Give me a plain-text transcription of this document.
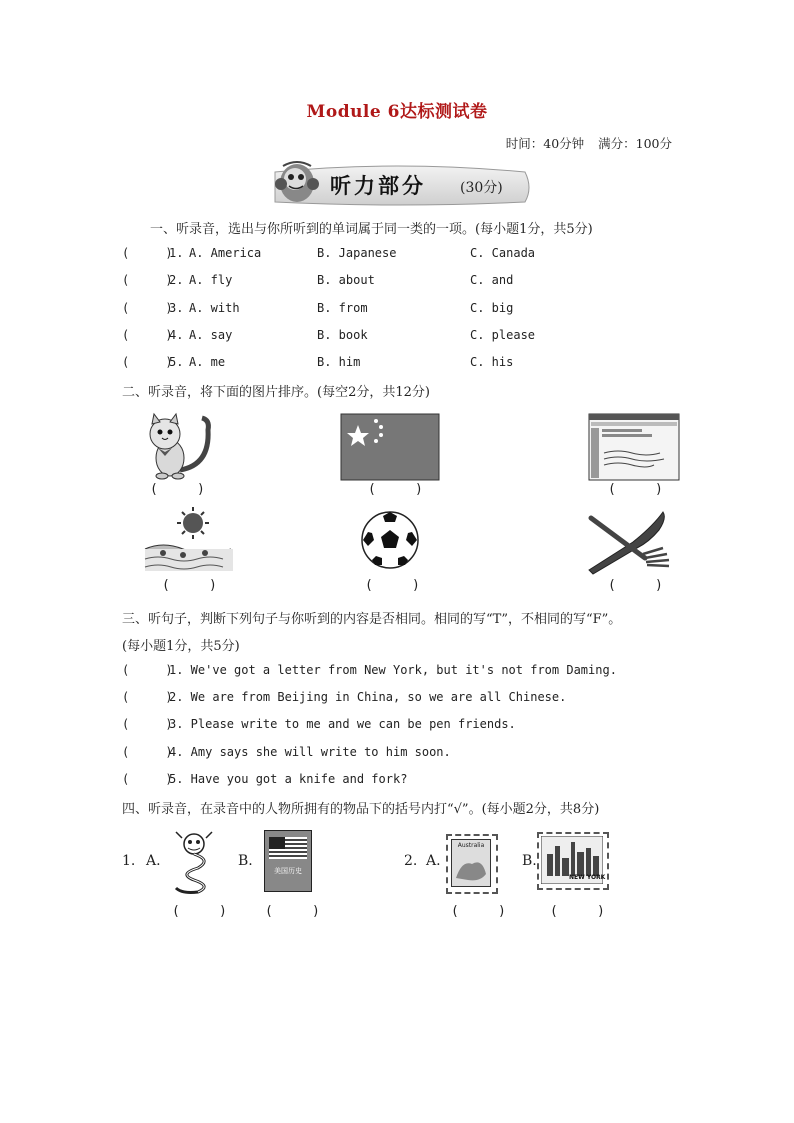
Module 6达标测试卷
时间：40分钟 满分：100分
听力部分 (30分)
一、听录音，选出与你所听到的单词属于同一类的一项。(每小题1分，共5分)
(     )
1. A. America	B. Japanese	C. Canada
(     )
2. A. fly	B. about	C. and
(     )
3. A. with	B. from	C. big
(     )
4. A. say	B. book	C. please
(     )
5. A. me	B. him	C. his
二、听录音，将下面的图片排序。(每空2分，共12分)
(     )	(     )	(     )
(     )	(     )	(     )
三、听句子，判断下列句子与你听到的内容是否相同。相同的写“T”，不相同的写“F”。
(每小题1分，共5分)
(     )
1. We've got a letter from New York, but it's not from Daming.
(     )
2. We are from Beijing in China, so we are all Chinese.
(     )
3. Please write to me and we can be pen friends.
(     )
4. Amy says she will write to him soon.
(     )
5. Have you got a knife and fork?
四、听录音，在录音中的人物所拥有的物品下的括号内打“√”。(每小题2分，共8分)
1. A.	B.
美国历史
(     )	(     )
2. A.
Australia
B.
NEW YORK
(     )	(     )
